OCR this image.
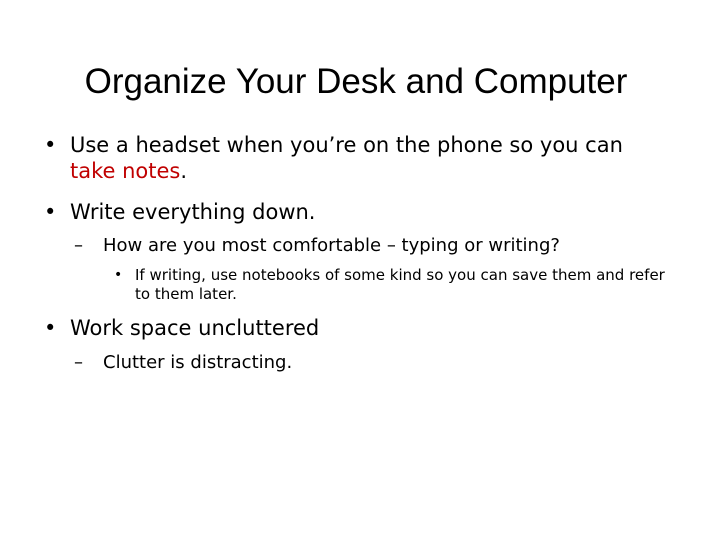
Organize Your Desk and Computer
• Use a headset when you’re on the phone so you can
take notes.
• Write everything down.
– How are you most comfortable – typing or writing?
• If writing, use notebooks of some kind so you can save them and refer to them later.
• Work space uncluttered
– Clutter is distracting.
